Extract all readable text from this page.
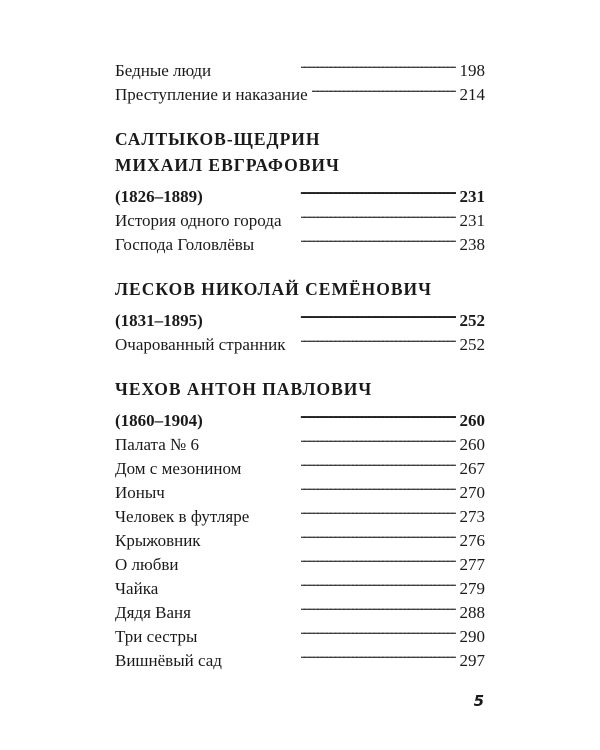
Бедные люди . . .	198
Преступление и наказание . . .	214
САЛТЫКОВ-ЩЕДРИН
МИХАИЛ ЕВГРАФОВИЧ
(1826–1889) . . .	231
История одного города . . .	231
Господа Головлёвы . . .	238
ЛЕСКОВ НИКОЛАЙ СЕМЁНОВИЧ
(1831–1895) . . .	252
Очарованный странник . . .	252
ЧЕХОВ АНТОН ПАВЛОВИЧ
(1860–1904) . . .	260
Палата № 6 . . .	260
Дом с мезонином . . .	267
Ионыч . . .	270
Человек в футляре . . .	273
Крыжовник . . .	276
О любви . . .	277
Чайка . . .	279
Дядя Ваня . . .	288
Три сестры . . .	290
Вишнёвый сад . . .	297
5
